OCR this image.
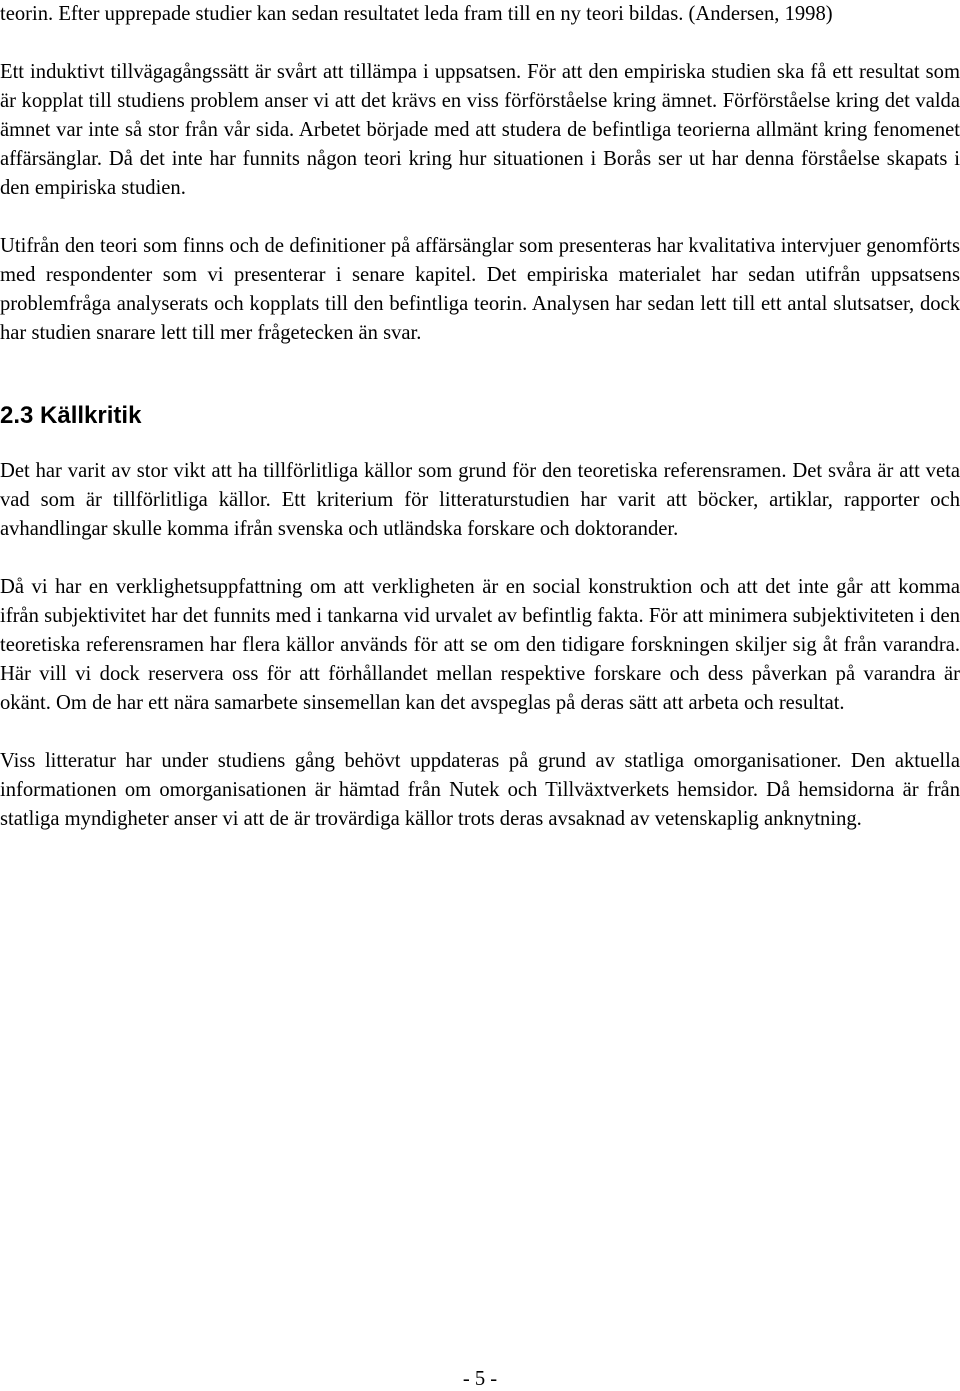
teorin. Efter upprepade studier kan sedan resultatet leda fram till en ny teori bildas. (Andersen, 1998)

Ett induktivt tillvägagångssätt är svårt att tillämpa i uppsatsen. För att den empiriska studien ska få ett resultat som är kopplat till studiens problem anser vi att det krävs en viss förförståelse kring ämnet. Förförståelse kring det valda ämnet var inte så stor från vår sida. Arbetet började med att studera de befintliga teorierna allmänt kring fenomenet affärsänglar. Då det inte har funnits någon teori kring hur situationen i Borås ser ut har denna förståelse skapats i den empiriska studien.

Utifrån den teori som finns och de definitioner på affärsänglar som presenteras har kvalitativa intervjuer genomförts med respondenter som vi presenterar i senare kapitel. Det empiriska materialet har sedan utifrån uppsatsens problemfråga analyserats och kopplats till den befintliga teorin. Analysen har sedan lett till ett antal slutsatser, dock har studien snarare lett till mer frågetecken än svar.

2.3 Källkritik

Det har varit av stor vikt att ha tillförlitliga källor som grund för den teoretiska referensramen. Det svåra är att veta vad som är tillförlitliga källor. Ett kriterium för litteraturstudien har varit att böcker, artiklar, rapporter och avhandlingar skulle komma ifrån svenska och utländska forskare och doktorander.

Då vi har en verklighetsuppfattning om att verkligheten är en social konstruktion och att det inte går att komma ifrån subjektivitet har det funnits med i tankarna vid urvalet av befintlig fakta. För att minimera subjektiviteten i den teoretiska referensramen har flera källor används för att se om den tidigare forskningen skiljer sig åt från varandra. Här vill vi dock reservera oss för att förhållandet mellan respektive forskare och dess påverkan på varandra är okänt. Om de har ett nära samarbete sinsemellan kan det avspeglas på deras sätt att arbeta och resultat.

Viss litteratur har under studiens gång behövt uppdateras på grund av statliga omorganisationer. Den aktuella informationen om omorganisationen är hämtad från Nutek och Tillväxtverkets hemsidor. Då hemsidorna är från statliga myndigheter anser vi att de är trovärdiga källor trots deras avsaknad av vetenskaplig anknytning.

- 5 -
